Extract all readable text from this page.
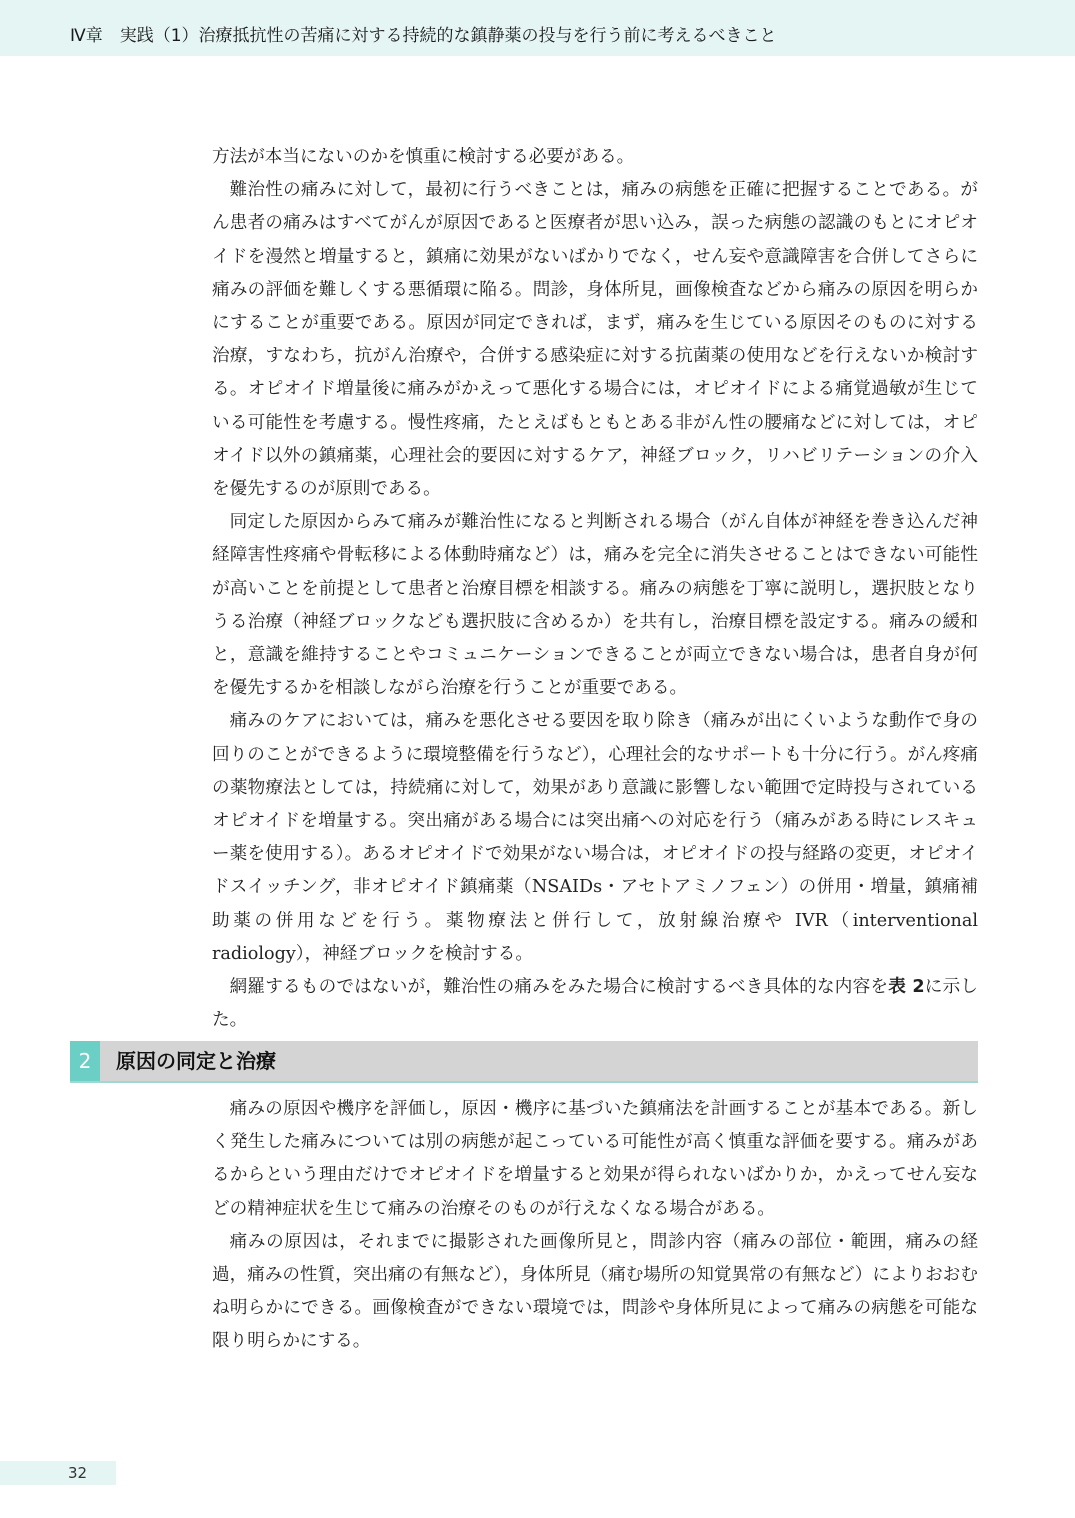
Ⅳ章　実践（1）治療抵抗性の苦痛に対する持続的な鎮静薬の投与を行う前に考えるべきこと

方法が本当にないのかを慎重に検討する必要がある。

難治性の痛みに対して，最初に行うべきことは，痛みの病態を正確に把握することである。がん患者の痛みはすべてがんが原因であると医療者が思い込み，誤った病態の認識のもとにオピオイドを漫然と増量すると，鎮痛に効果がないばかりでなく，せん妄や意識障害を合併してさらに痛みの評価を難しくする悪循環に陥る。問診，身体所見，画像検査などから痛みの原因を明らかにすることが重要である。原因が同定できれば，まず，痛みを生じている原因そのものに対する治療，すなわち，抗がん治療や，合併する感染症に対する抗菌薬の使用などを行えないか検討する。オピオイド増量後に痛みがかえって悪化する場合には，オピオイドによる痛覚過敏が生じている可能性を考慮する。慢性疼痛，たとえばもともとある非がん性の腰痛などに対しては，オピオイド以外の鎮痛薬，心理社会的要因に対するケア，神経ブロック，リハビリテーションの介入を優先するのが原則である。

同定した原因からみて痛みが難治性になると判断される場合（がん自体が神経を巻き込んだ神経障害性疼痛や骨転移による体動時痛など）は，痛みを完全に消失させることはできない可能性が高いことを前提として患者と治療目標を相談する。痛みの病態を丁寧に説明し，選択肢となりうる治療（神経ブロックなども選択肢に含めるか）を共有し，治療目標を設定する。痛みの緩和と，意識を維持することやコミュニケーションできることが両立できない場合は，患者自身が何を優先するかを相談しながら治療を行うことが重要である。

痛みのケアにおいては，痛みを悪化させる要因を取り除き（痛みが出にくいような動作で身の回りのことができるように環境整備を行うなど），心理社会的なサポートも十分に行う。がん疼痛の薬物療法としては，持続痛に対して，効果があり意識に影響しない範囲で定時投与されているオピオイドを増量する。突出痛がある場合には突出痛への対応を行う（痛みがある時にレスキュー薬を使用する）。あるオピオイドで効果がない場合は，オピオイドの投与経路の変更，オピオイドスイッチング，非オピオイド鎮痛薬（NSAIDs・アセトアミノフェン）の併用・増量，鎮痛補助薬の併用などを行う。薬物療法と併行して，放射線治療や IVR（interventional radiology），神経ブロックを検討する。

網羅するものではないが，難治性の痛みをみた場合に検討するべき具体的な内容を表 2に示した。

2	原因の同定と治療

痛みの原因や機序を評価し，原因・機序に基づいた鎮痛法を計画することが基本である。新しく発生した痛みについては別の病態が起こっている可能性が高く慎重な評価を要する。痛みがあるからという理由だけでオピオイドを増量すると効果が得られないばかりか，かえってせん妄などの精神症状を生じて痛みの治療そのものが行えなくなる場合がある。

痛みの原因は，それまでに撮影された画像所見と，問診内容（痛みの部位・範囲，痛みの経過，痛みの性質，突出痛の有無など），身体所見（痛む場所の知覚異常の有無など）によりおおむね明らかにできる。画像検査ができない環境では，問診や身体所見によって痛みの病態を可能な限り明らかにする。

32
